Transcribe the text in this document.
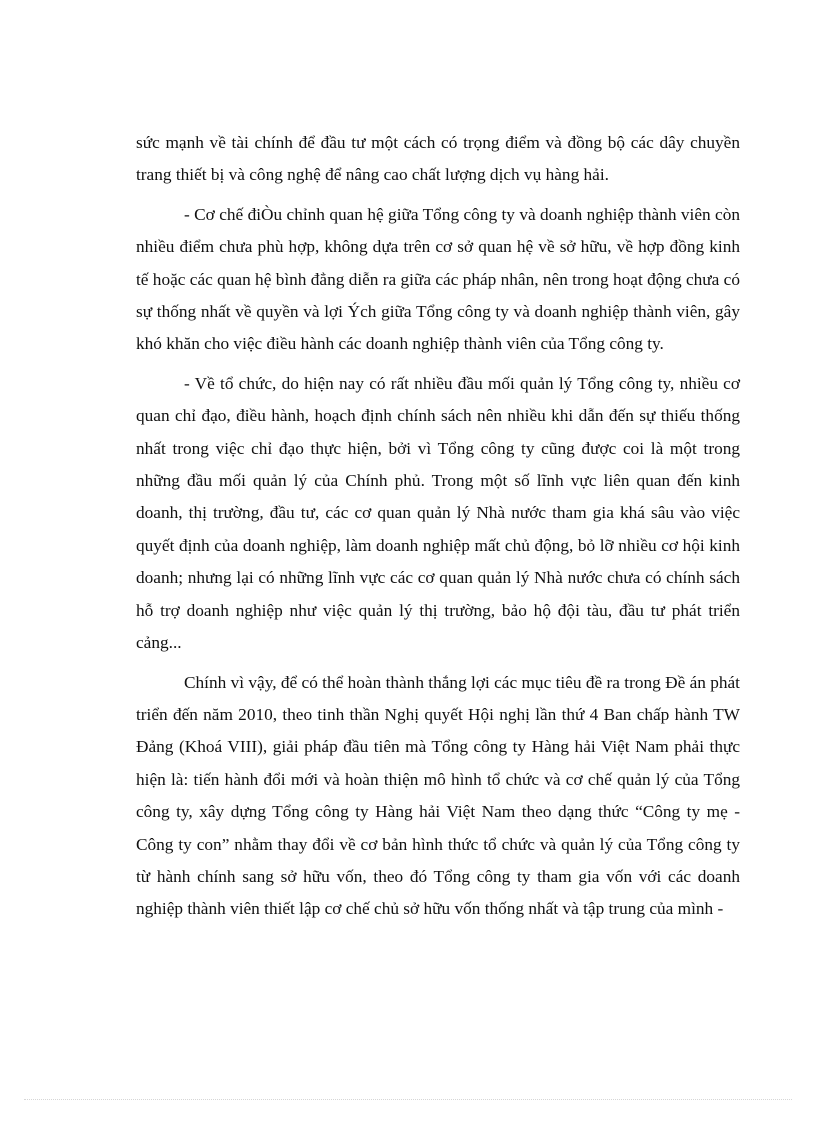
sức mạnh về tài chính để đầu tư một cách có trọng điểm và đồng bộ các dây chuyền trang thiết bị và công nghệ để nâng cao chất lượng dịch vụ hàng hải.

- Cơ chế điÒu chỉnh quan hệ giữa Tổng công ty và doanh nghiệp thành viên còn nhiều điểm chưa phù hợp, không dựa trên cơ sở quan hệ về sở hữu, về hợp đồng kinh tế hoặc các quan hệ bình đẳng diễn ra giữa các pháp nhân, nên trong hoạt động chưa có sự thống nhất về quyền và lợi Ých giữa Tổng công ty và doanh nghiệp thành viên, gây khó khăn cho việc điều hành các doanh nghiệp thành viên của Tổng công ty.

- Về tổ chức, do hiện nay có rất nhiều đầu mối quản lý Tổng công ty, nhiều cơ quan chỉ đạo, điều hành, hoạch định chính sách nên nhiều khi dẫn đến sự thiếu thống nhất trong việc chỉ đạo thực hiện, bởi vì Tổng công ty cũng được coi là một trong những đầu mối quản lý của Chính phủ. Trong một số lĩnh vực liên quan đến kinh doanh, thị trường, đầu tư, các cơ quan quản lý Nhà nước tham gia khá sâu vào việc quyết định của doanh nghiệp, làm doanh nghiệp mất chủ động, bỏ lỡ nhiều cơ hội kinh doanh; nhưng lại có những lĩnh vực các cơ quan quản lý Nhà nước chưa có chính sách hỗ trợ doanh nghiệp như việc quản lý thị trường, bảo hộ đội tàu, đầu tư phát triển cảng...

Chính vì vậy, để có thể hoàn thành thắng lợi các mục tiêu đề ra trong Đề án phát triển đến năm 2010, theo tinh thần Nghị quyết Hội nghị lần thứ 4 Ban chấp hành TW Đảng (Khoá VIII), giải pháp đầu tiên mà Tổng công ty Hàng hải Việt Nam phải thực hiện là: tiến hành đổi mới và hoàn thiện mô hình tổ chức và cơ chế quản lý của Tổng công ty, xây dựng Tổng công ty Hàng hải Việt Nam theo dạng thức “Công ty mẹ - Công ty con” nhằm thay đổi về cơ bản hình thức tổ chức và quản lý của Tổng công ty từ hành chính sang sở hữu vốn, theo đó Tổng công ty tham gia vốn với các doanh nghiệp thành viên thiết lập cơ chế chủ sở hữu vốn thống nhất và tập trung của mình -
